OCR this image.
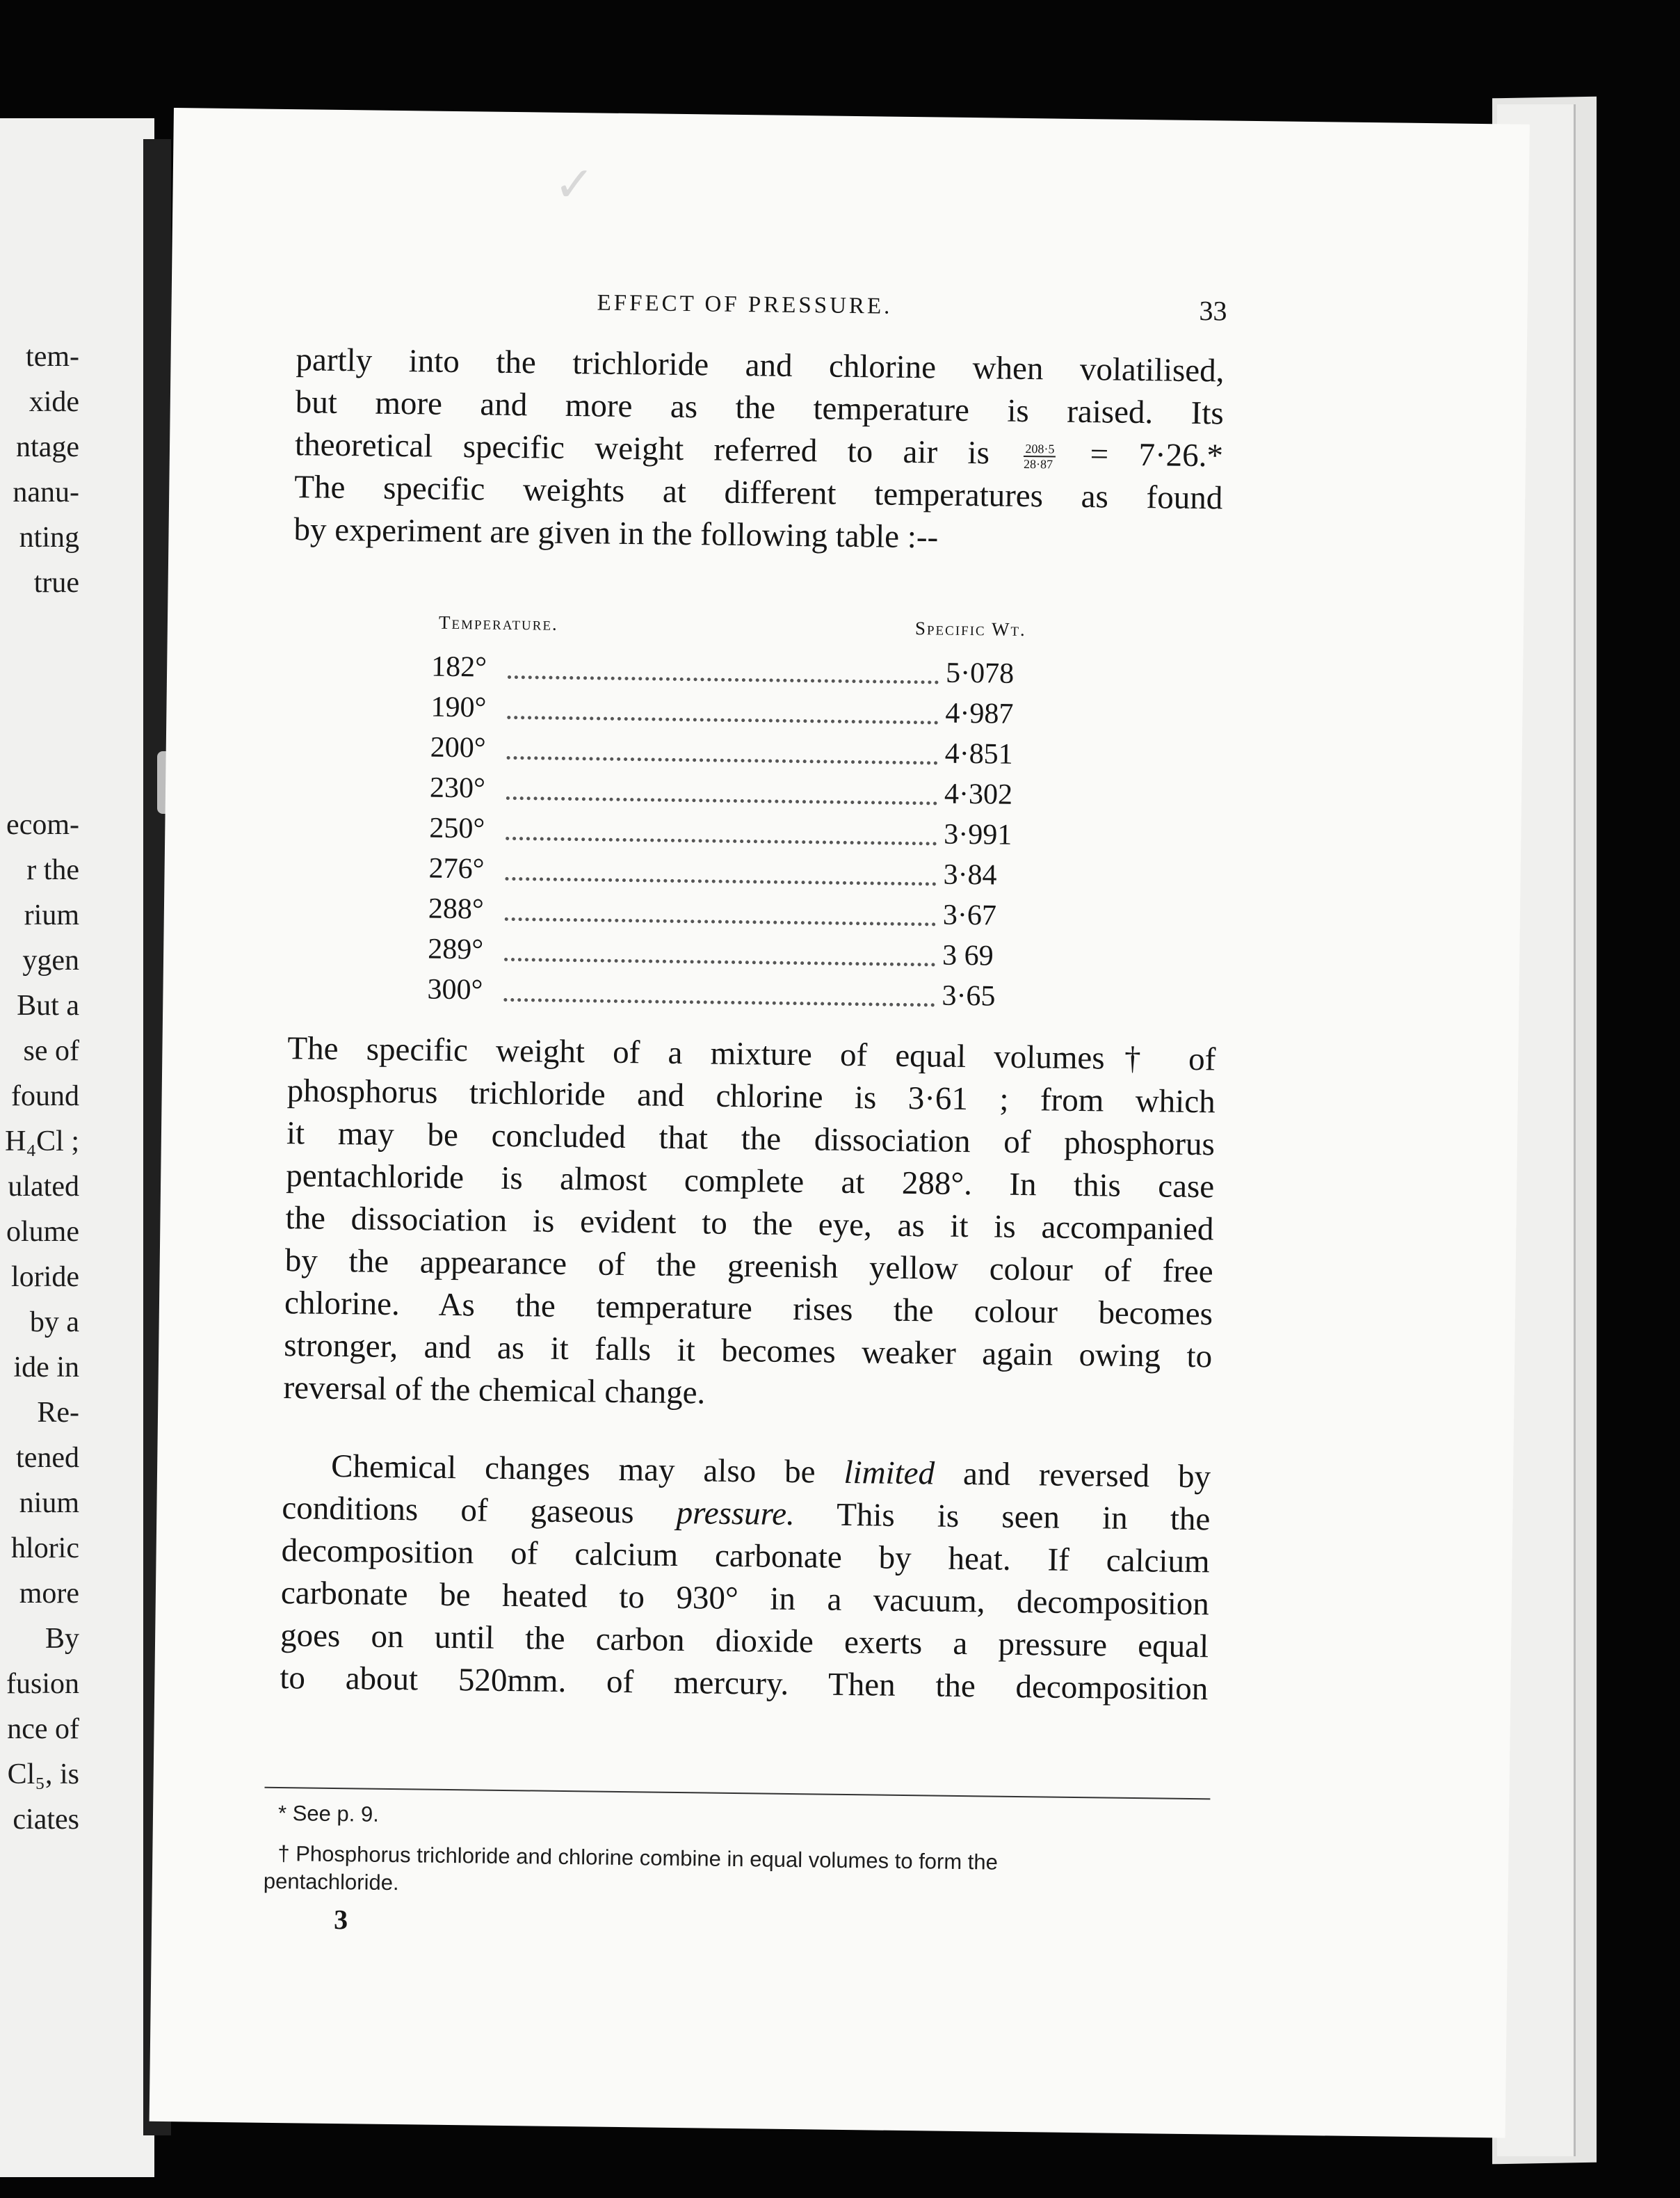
tem-
xide
ntage
nanu-
nting
true
ecom-
r the
rium
ygen
But a
se of
found
H₄Cl ;
ulated
olume
loride
by a
ide in
Re-
tened
nium
hloric
more
By
fusion
nce of
Cl₅, is
ciates
✓
EFFECT OF PRESSURE.	33
partly into the trichloride and chlorine when volatilised,
but more and more as the temperature is raised. Its
theoretical specific weight referred to air is	$\frac{208\cdot 5}{28\cdot 87} = 7\cdot 26.*$
The specific weights at different temperatures as found
by experiment are given in the following table :--
Temperature.	Specific Wt.
182°	5·078
190°	4·987
200°	4·851
230°	4·302
250°	3·991
276°	3·84
288°	3·67
289°	3 69
300°	3·65
The specific weight of a mixture of equal volumes† of
phosphorus trichloride and chlorine is 3·61 ; from which
it may be concluded that the dissociation of phosphorus
pentachloride is almost complete at 288°. In this case
the dissociation is evident to the eye, as it is accompanied
by the appearance of the greenish yellow colour of free
chlorine. As the temperature rises the colour becomes
stronger, and as it falls it becomes weaker again owing to
reversal of the chemical change.
Chemical changes may also be limited and reversed by
conditions of gaseous pressure. This is seen in the
decomposition of calcium carbonate by heat. If calcium
carbonate be heated to 930° in a vacuum, decomposition
goes on until the carbon dioxide exerts a pressure equal
to about 520mm. of mercury. Then the decomposition
* See p. 9.
† Phosphorus trichloride and chlorine combine in equal volumes to form the
pentachloride.
3
